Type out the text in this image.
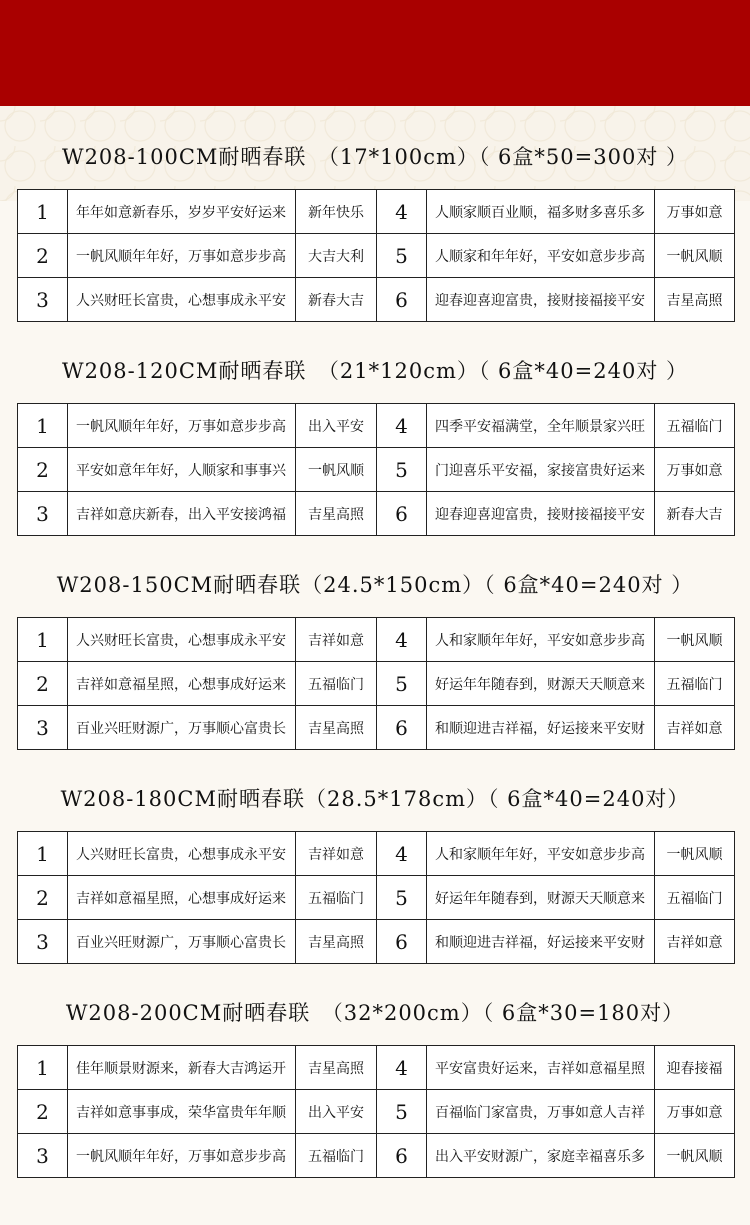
W208-100CM耐晒春联　（17*100cm）（ 6盒*50=300对 ）
1	年年如意新春乐，岁岁平安好运来	新年快乐	4	人顺家顺百业顺，福多财多喜乐多	万事如意
2	一帆风顺年年好，万事如意步步高	大吉大利	5	人顺家和年年好，平安如意步步高	一帆风顺
3	人兴财旺长富贵，心想事成永平安	新春大吉	6	迎春迎喜迎富贵，接财接福接平安	吉星高照
W208-120CM耐晒春联　（21*120cm）（ 6盒*40=240对 ）
1	一帆风顺年年好，万事如意步步高	出入平安	4	四季平安福满堂，全年顺景家兴旺	五福临门
2	平安如意年年好，人顺家和事事兴	一帆风顺	5	门迎喜乐平安福，家接富贵好运来	万事如意
3	吉祥如意庆新春，出入平安接鸿福	吉星高照	6	迎春迎喜迎富贵，接财接福接平安	新春大吉
W208-150CM耐晒春联（24.5*150cm）（ 6盒*40=240对 ）
1	人兴财旺长富贵，心想事成永平安	吉祥如意	4	人和家顺年年好，平安如意步步高	一帆风顺
2	吉祥如意福星照，心想事成好运来	五福临门	5	好运年年随春到，财源天天顺意来	五福临门
3	百业兴旺财源广，万事顺心富贵长	吉星高照	6	和顺迎进吉祥福，好运接来平安财	吉祥如意
W208-180CM耐晒春联（28.5*178cm）（ 6盒*40=240对）
1	人兴财旺长富贵，心想事成永平安	吉祥如意	4	人和家顺年年好，平安如意步步高	一帆风顺
2	吉祥如意福星照，心想事成好运来	五福临门	5	好运年年随春到，财源天天顺意来	五福临门
3	百业兴旺财源广，万事顺心富贵长	吉星高照	6	和顺迎进吉祥福，好运接来平安财	吉祥如意
W208-200CM耐晒春联　（32*200cm）（ 6盒*30=180对）
1	佳年顺景财源来，新春大吉鸿运开	吉星高照	4	平安富贵好运来，吉祥如意福星照	迎春接福
2	吉祥如意事事成，荣华富贵年年顺	出入平安	5	百福临门家富贵，万事如意人吉祥	万事如意
3	一帆风顺年年好，万事如意步步高	五福临门	6	出入平安财源广，家庭幸福喜乐多	一帆风顺
